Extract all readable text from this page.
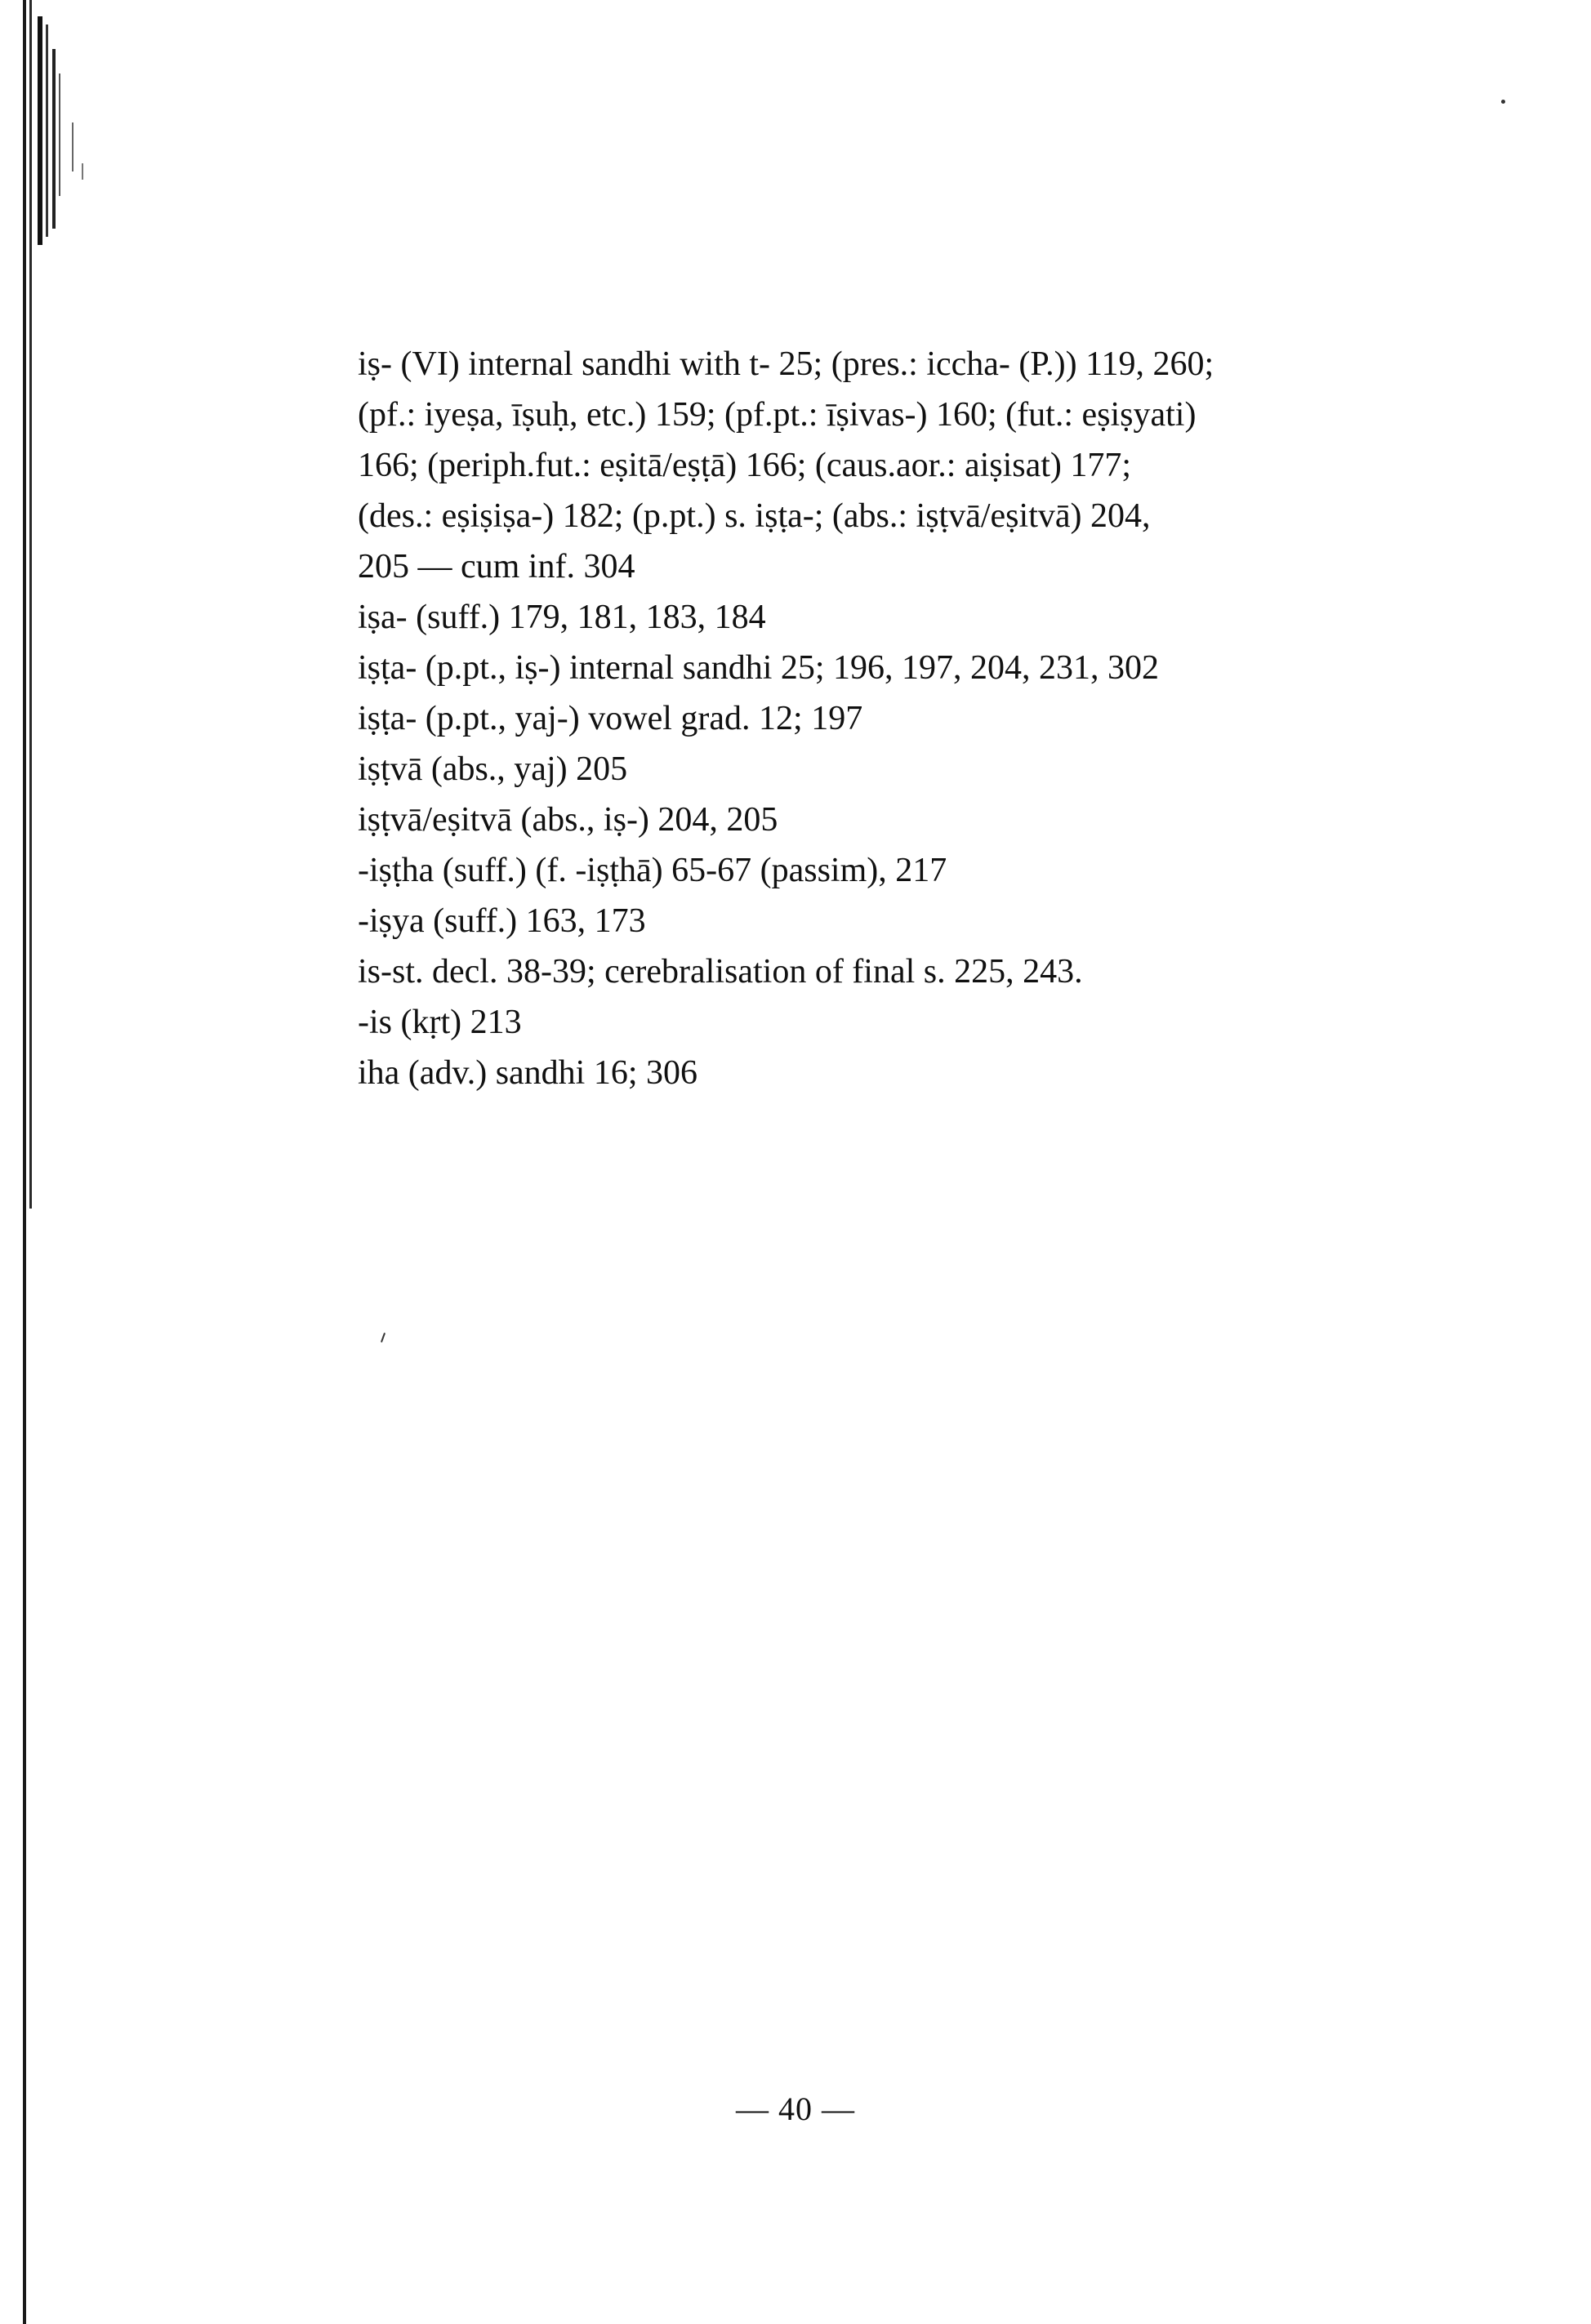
iṣ- (VI) internal sandhi with t- 25; (pres.: iccha- (P.)) 119, 260;
(pf.: iyeṣa, īṣuḥ, etc.) 159; (pf.pt.: īṣivas-) 160; (fut.: eṣiṣyati)
166; (periph.fut.: eṣitā/eṣṭā) 166; (caus.aor.: aiṣisat) 177;
(des.: eṣiṣiṣa-) 182; (p.pt.) s. iṣṭa-; (abs.: iṣṭvā/eṣitvā) 204,
205 — cum inf. 304
iṣa- (suff.) 179, 181, 183, 184
iṣṭa- (p.pt., iṣ-) internal sandhi 25; 196, 197, 204, 231, 302
iṣṭa- (p.pt., yaj-) vowel grad. 12; 197
iṣṭvā (abs., yaj) 205
iṣṭvā/eṣitvā (abs., iṣ-) 204, 205
-iṣṭha (suff.) (f. -iṣṭhā) 65-67 (passim), 217
-iṣya (suff.) 163, 173
is-st. decl. 38-39; cerebralisation of final s. 225, 243.
-is (kṛt) 213
iha (adv.) sandhi 16; 306
— 40 —
